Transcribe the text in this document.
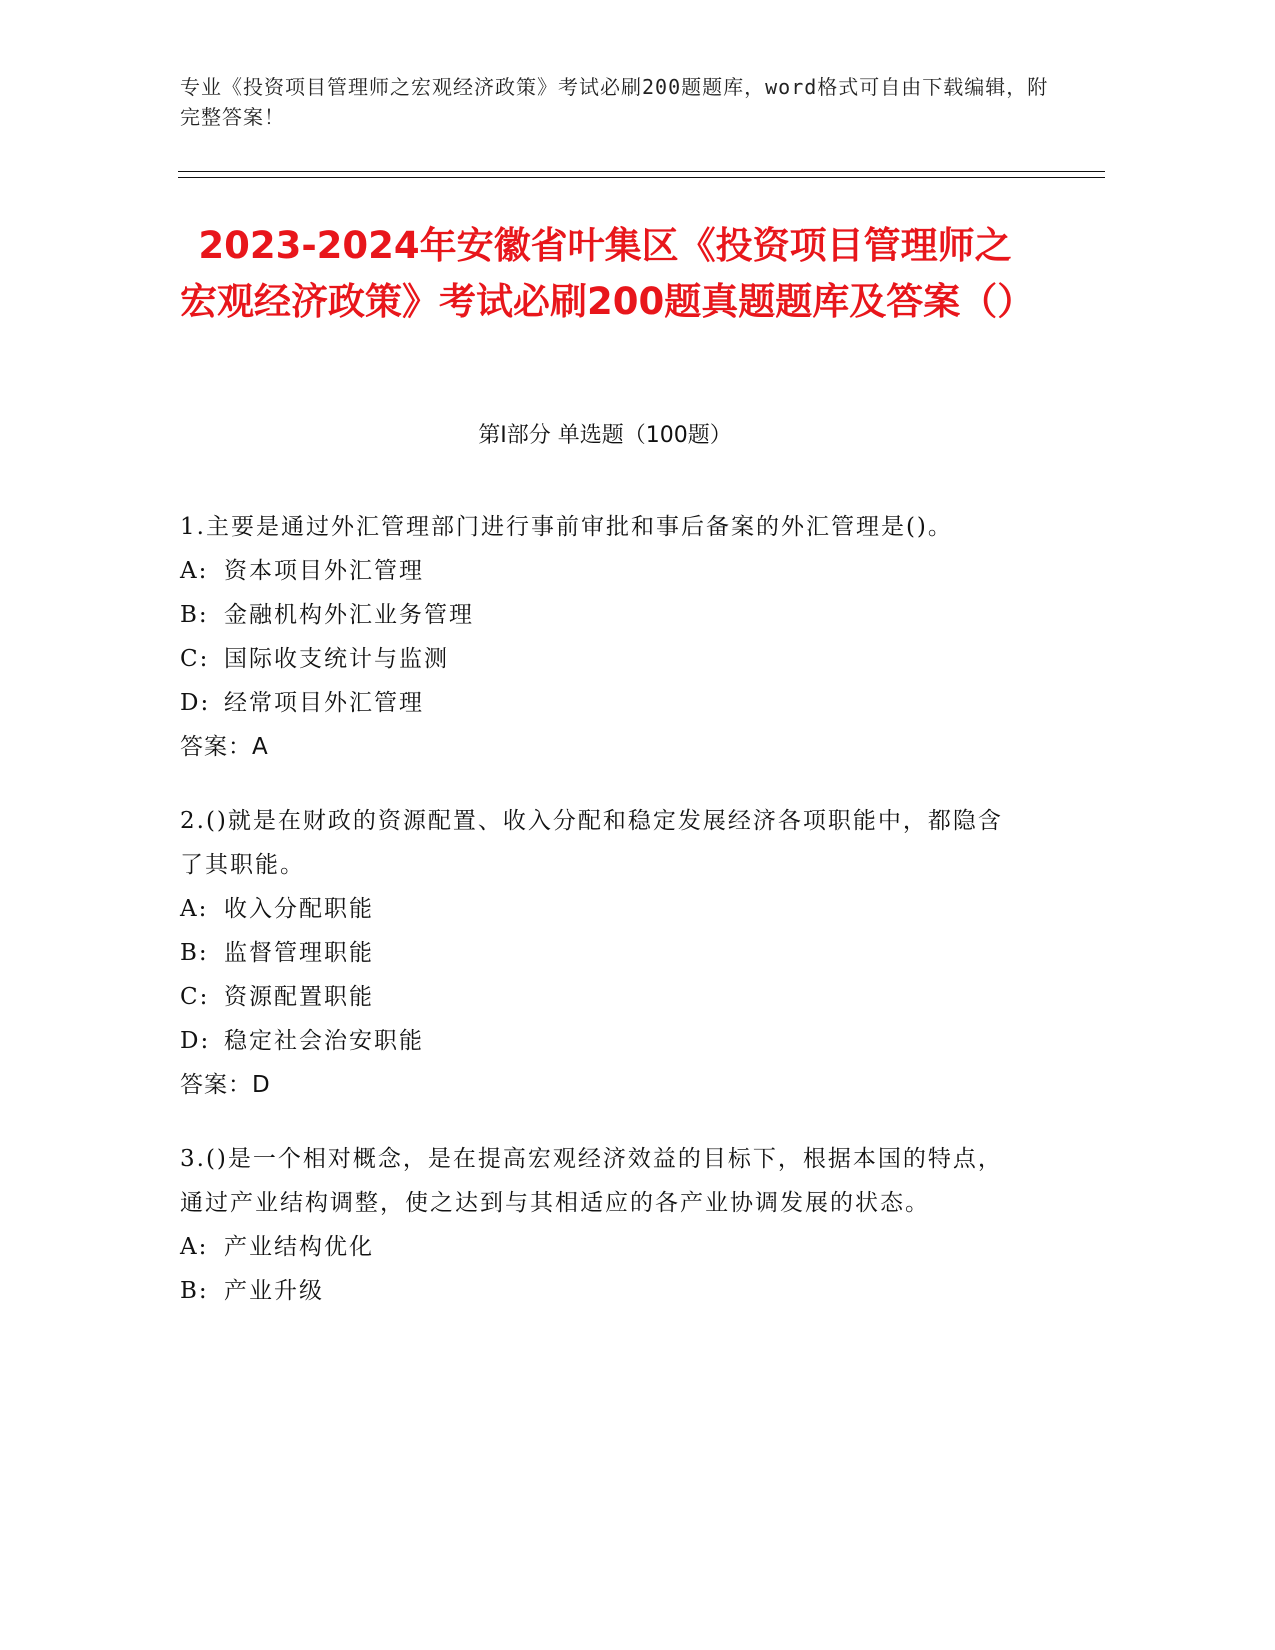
专业《投资项目管理师之宏观经济政策》考试必刷200题题库，word格式可自由下载编辑，附完整答案！
2023-2024年安徽省叶集区《投资项目管理师之宏观经济政策》考试必刷200题真题题库及答案（）
第Ⅰ部分 单选题（100题）

1.主要是通过外汇管理部门进行事前审批和事后备案的外汇管理是()。

A: 资本项目外汇管理

B: 金融机构外汇业务管理

C: 国际收支统计与监测

D: 经常项目外汇管理

答案：A

2.()就是在财政的资源配置、收入分配和稳定发展经济各项职能中，都隐含了其职能。

A: 收入分配职能

B: 监督管理职能

C: 资源配置职能

D: 稳定社会治安职能

答案：D

3.()是一个相对概念，是在提高宏观经济效益的目标下，根据本国的特点，通过产业结构调整，使之达到与其相适应的各产业协调发展的状态。

A: 产业结构优化

B: 产业升级
